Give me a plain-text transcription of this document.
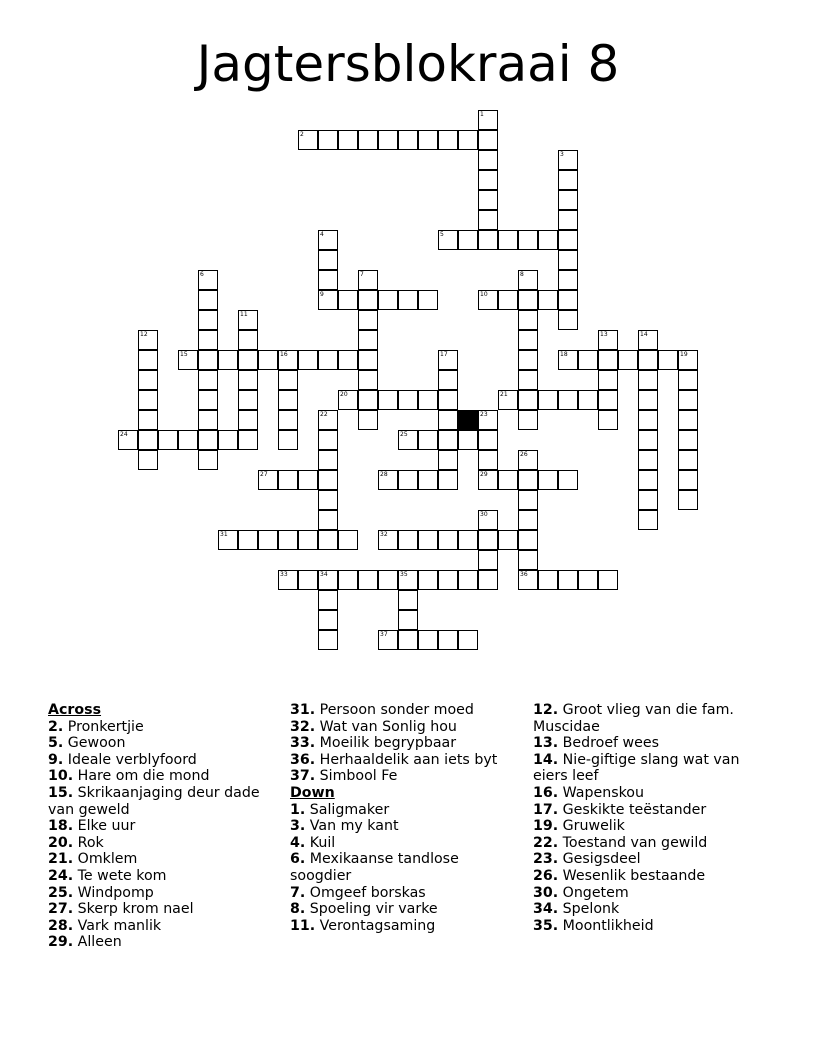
Jagtersblokraai 8
2
5
9	10
15	16	18	19
20	21
24	25
27	28	29
31	32
33	34	35	36
37
1
3
4
6	7	8
11
12	13	14
17
22	23
26
30

Across

2. Pronkertjie

5. Gewoon

9. Ideale verblyfoord

10. Hare om die mond

15. Skrikaanjaging deur dade van geweld

18. Elke uur

20. Rok

21. Omklem

24. Te wete kom

25. Windpomp

27. Skerp krom nael

28. Vark manlik

29. Alleen

31. Persoon sonder moed

32. Wat van Sonlig hou

33. Moeilik begrypbaar

36. Herhaaldelik aan iets byt

37. Simbool Fe

Down

1. Saligmaker

3. Van my kant

4. Kuil

6. Mexikaanse tandlose soogdier

7. Omgeef borskas

8. Spoeling vir varke

11. Verontagsaming

12. Groot vlieg van die fam. Muscidae

13. Bedroef wees

14. Nie-giftige slang wat van eiers leef

16. Wapenskou

17. Geskikte teëstander

19. Gruwelik

22. Toestand van gewild

23. Gesigsdeel

26. Wesenlik bestaande

30. Ongetem

34. Spelonk

35. Moontlikheid
